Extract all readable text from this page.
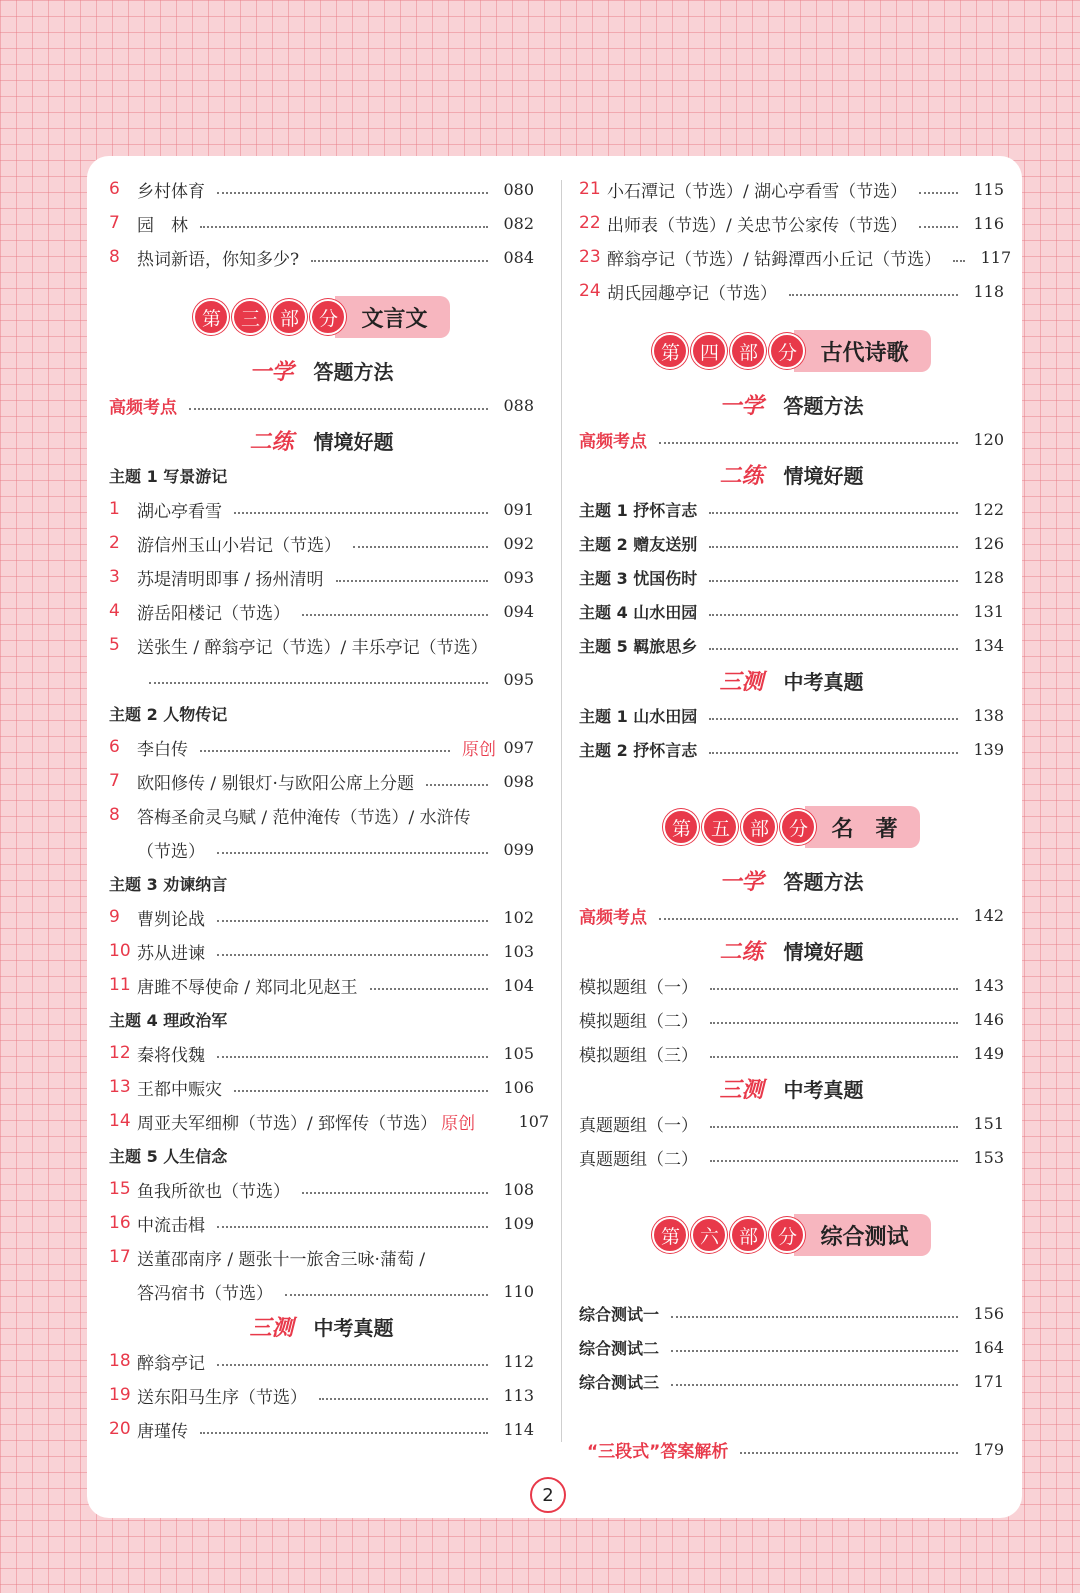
6	乡村体育	080
7	园　林	082
8	热词新语，你知多少?	084
第	三	部	分	文言文
一学 答题方法
高频考点	088
二练 情境好题
主题 1 写景游记
1	湖心亭看雪	091
2	游信州玉山小岩记（节选）	092
3	苏堤清明即事 / 扬州清明	093
4	游岳阳楼记（节选）	094
5	送张生 / 醉翁亭记（节选）/ 丰乐亭记（节选）
095
主题 2 人物传记
6	李白传	原创 097
7	欧阳修传 / 剔银灯·与欧阳公席上分题	098
8	答梅圣俞灵乌赋 / 范仲淹传（节选）/ 水浒传
（节选）	099
主题 3 劝谏纳言
9	曹刿论战	102
10 苏从进谏	103
11 唐雎不辱使命 / 郑同北见赵王	104
主题 4 理政治军
12 秦将伐魏	105
13 王都中赈灾	106
14 周亚夫军细柳（节选）/ 郅恽传（节选） 原创	107
主题 5 人生信念
15 鱼我所欲也（节选）	108
16 中流击楫	109
17 送董邵南序 / 题张十一旅舍三咏·蒲萄 /
答冯宿书（节选）	110
三测 中考真题
18 醉翁亭记	112
19 送东阳马生序（节选）	113
20 唐瑾传	114
21 小石潭记（节选）/ 湖心亭看雪（节选）	115
22 出师表（节选）/ 关忠节公家传（节选）	116
23 醉翁亭记（节选）/ 钴鉧潭西小丘记（节选） 117
24 胡氏园趣亭记（节选）	118
第	四	部	分	古代诗歌
一学 答题方法
高频考点	120
二练 情境好题
主题 1 抒怀言志	122
主题 2 赠友送别	126
主题 3 忧国伤时	128
主题 4 山水田园	131
主题 5 羁旅思乡	134
三测 中考真题
主题 1 山水田园	138
主题 2 抒怀言志	139
第	五	部	分	名　著
一学 答题方法
高频考点	142
二练 情境好题
模拟题组（一）	143
模拟题组（二）	146
模拟题组（三）	149
三测 中考真题
真题题组（一）	151
真题题组（二）	153
第	六	部	分	综合测试
综合测试一	156
综合测试二	164
综合测试三	171
“三段式”答案解析	179
2
